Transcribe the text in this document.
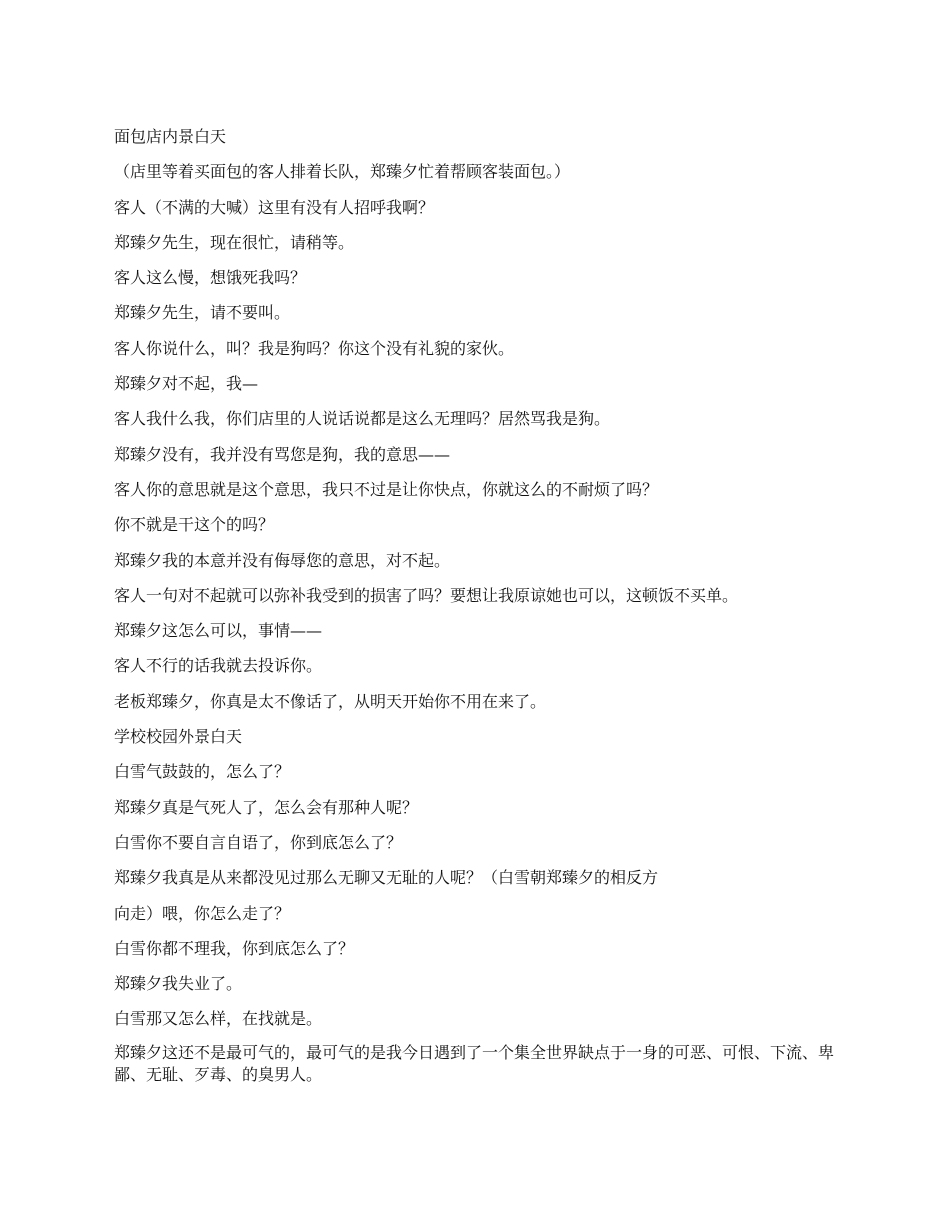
面包店内景白天
（店里等着买面包的客人排着长队，郑臻夕忙着帮顾客装面包。）
客人（不满的大喊）这里有没有人招呼我啊？
郑臻夕先生，现在很忙，请稍等。
客人这么慢，想饿死我吗？
郑臻夕先生，请不要叫。
客人你说什么，叫？我是狗吗？你这个没有礼貌的家伙。
郑臻夕对不起，我—
客人我什么我，你们店里的人说话说都是这么无理吗？居然骂我是狗。
郑臻夕没有，我并没有骂您是狗，我的意思——
客人你的意思就是这个意思，我只不过是让你快点，你就这么的不耐烦了吗？
你不就是干这个的吗？
郑臻夕我的本意并没有侮辱您的意思，对不起。
客人一句对不起就可以弥补我受到的损害了吗？要想让我原谅她也可以，这顿饭不买单。
郑臻夕这怎么可以，事情——
客人不行的话我就去投诉你。
老板郑臻夕，你真是太不像话了，从明天开始你不用在来了。
学校校园外景白天
白雪气鼓鼓的，怎么了？
郑臻夕真是气死人了，怎么会有那种人呢？
白雪你不要自言自语了，你到底怎么了？
郑臻夕我真是从来都没见过那么无聊又无耻的人呢？（白雪朝郑臻夕的相反方
向走）喂，你怎么走了？
白雪你都不理我，你到底怎么了？
郑臻夕我失业了。
白雪那又怎么样，在找就是。
郑臻夕这还不是最可气的，最可气的是我今日遇到了一个集全世界缺点于一身的可恶、可恨、下流、卑鄙、无耻、歹毒、的臭男人。
